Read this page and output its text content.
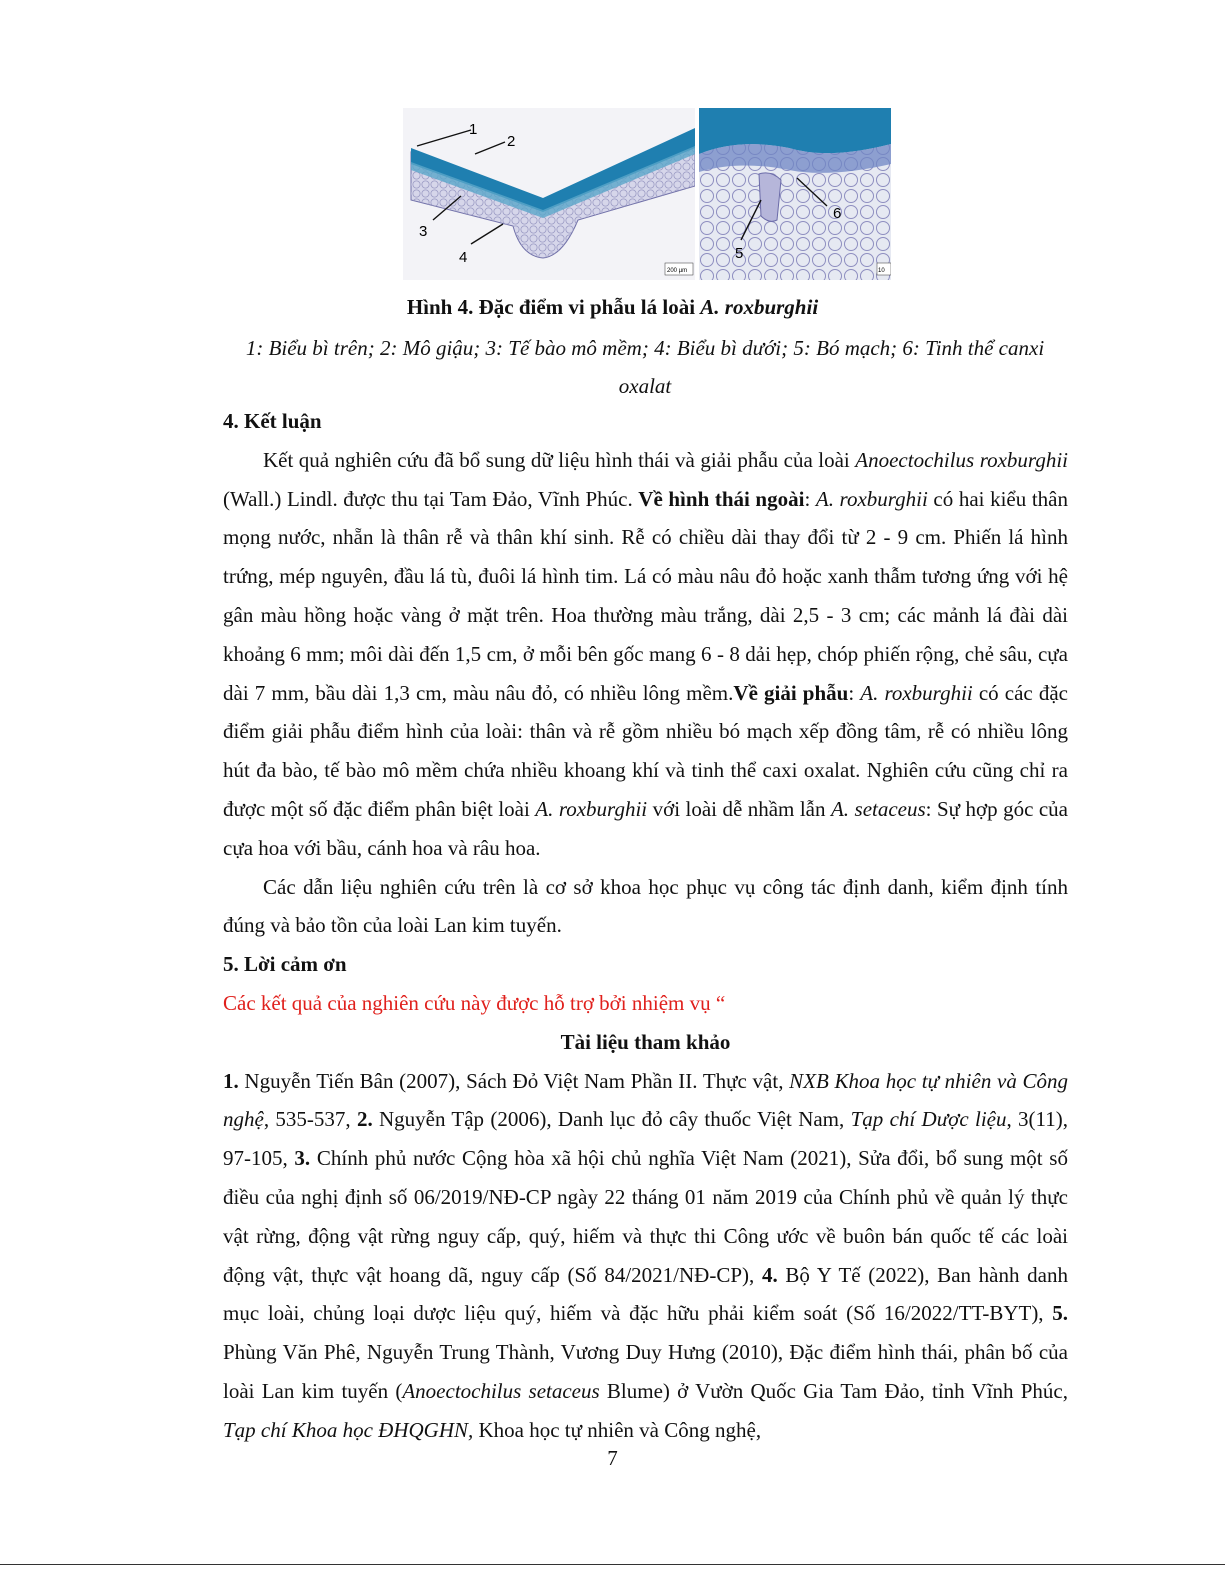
1
2
3
4
200 µm
5
6
10
Hình 4. Đặc điểm vi phẫu lá loài A. roxburghii
1: Biểu bì trên; 2: Mô giậu; 3: Tế bào mô mềm; 4: Biểu bì dưới; 5: Bó mạch; 6: Tinh thể canxi oxalat
4. Kết luận
Kết quả nghiên cứu đã bổ sung dữ liệu hình thái và giải phẫu của loài Anoectochilus roxburghii (Wall.) Lindl. được thu tại Tam Đảo, Vĩnh Phúc. Về hình thái ngoài: A. roxburghii có hai kiểu thân mọng nước, nhẵn là thân rễ và thân khí sinh. Rễ có chiều dài thay đổi từ 2 - 9 cm. Phiến lá hình trứng, mép nguyên, đầu lá tù, đuôi lá hình tim. Lá có màu nâu đỏ hoặc xanh thẫm tương ứng với hệ gân màu hồng hoặc vàng ở mặt trên. Hoa thường màu trắng, dài 2,5 - 3 cm; các mảnh lá đài dài khoảng 6 mm; môi dài đến 1,5 cm, ở mỗi bên gốc mang 6 - 8 dải hẹp, chóp phiến rộng, chẻ sâu, cựa dài 7 mm, bầu dài 1,3 cm, màu nâu đỏ, có nhiều lông mềm.Về giải phẫu: A. roxburghii có các đặc điểm giải phẫu điểm hình của loài: thân và rễ gồm nhiều bó mạch xếp đồng tâm, rễ có nhiều lông hút đa bào, tế bào mô mềm chứa nhiều khoang khí và tinh thể caxi oxalat. Nghiên cứu cũng chỉ ra được một số đặc điểm phân biệt loài A. roxburghii với loài dễ nhầm lẫn A. setaceus: Sự hợp góc của cựa hoa với bầu, cánh hoa và râu hoa.
Các dẫn liệu nghiên cứu trên là cơ sở khoa học phục vụ công tác định danh, kiểm định tính đúng và bảo tồn của loài Lan kim tuyến.
5. Lời cảm ơn
Các kết quả của nghiên cứu này được hỗ trợ bởi nhiệm vụ “
Tài liệu tham khảo
1. Nguyễn Tiến Bân (2007), Sách Đỏ Việt Nam Phần II. Thực vật, NXB Khoa học tự nhiên và Công nghệ, 535-537, 2. Nguyễn Tập (2006), Danh lục đỏ cây thuốc Việt Nam, Tạp chí Dược liệu, 3(11), 97-105, 3. Chính phủ nước Cộng hòa xã hội chủ nghĩa Việt Nam (2021), Sửa đổi, bổ sung một số điều của nghị định số 06/2019/NĐ-CP ngày 22 tháng 01 năm 2019 của Chính phủ về quản lý thực vật rừng, động vật rừng nguy cấp, quý, hiếm và thực thi Công ước về buôn bán quốc tế các loài động vật, thực vật hoang dã, nguy cấp (Số 84/2021/NĐ-CP), 4. Bộ Y Tế (2022), Ban hành danh mục loài, chủng loại dược liệu quý, hiếm và đặc hữu phải kiểm soát (Số 16/2022/TT-BYT), 5. Phùng Văn Phê, Nguyễn Trung Thành, Vương Duy Hưng (2010), Đặc điểm hình thái, phân bố của loài Lan kim tuyến (Anoectochilus setaceus Blume) ở Vườn Quốc Gia Tam Đảo, tỉnh Vĩnh Phúc, Tạp chí Khoa học ĐHQGHN, Khoa học tự nhiên và Công nghệ,
7
